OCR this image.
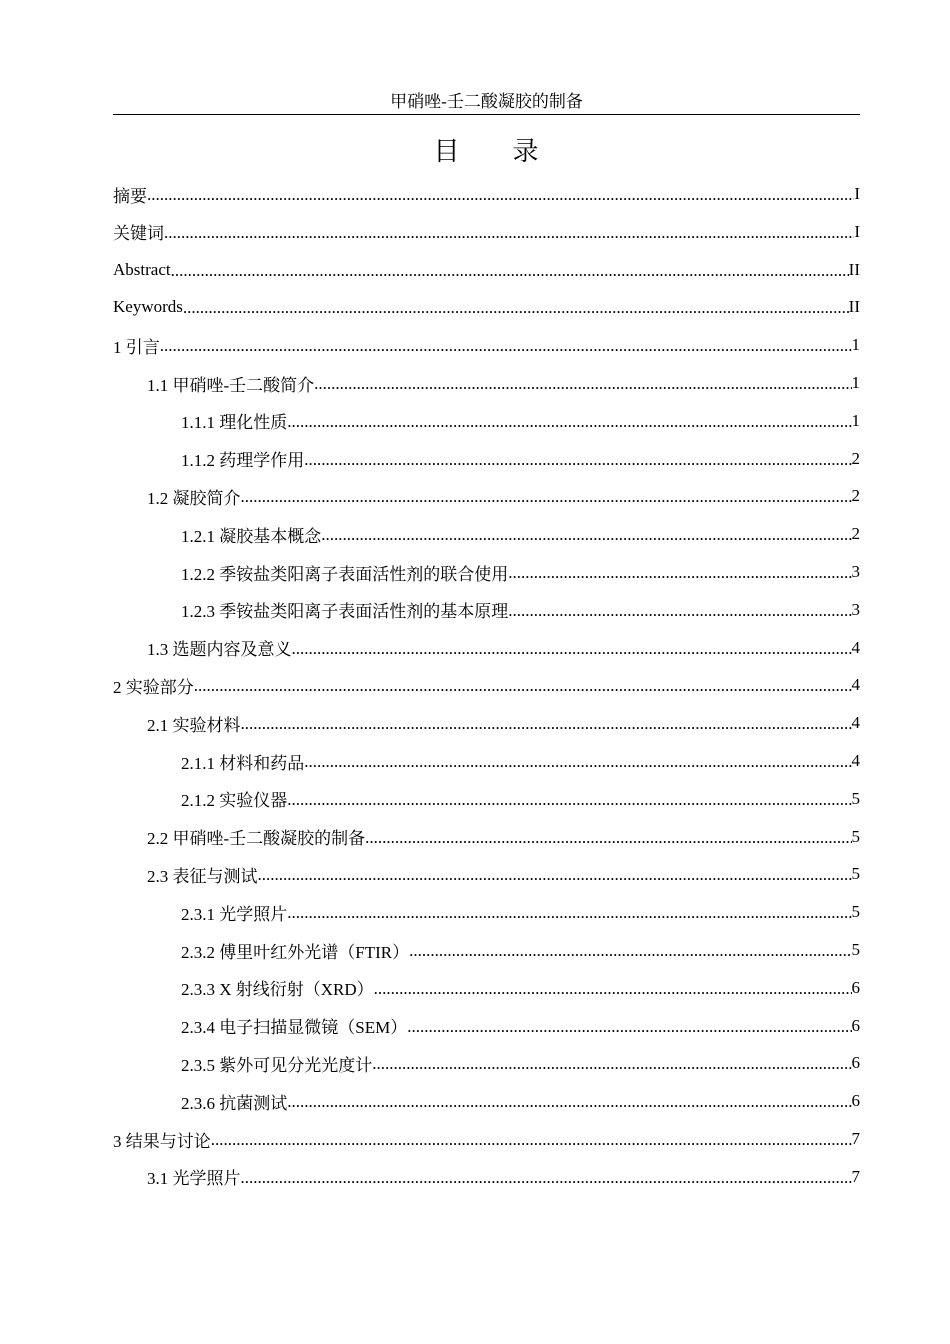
甲硝唑-壬二酸凝胶的制备
目 录
摘要 .....	I
关键词 .....	I
Abstract .....	II
Keywords .....	II
1 引言 .....	1
1.1 甲硝唑-壬二酸简介 .....	1
1.1.1 理化性质 .....	1
1.1.2 药理学作用 .....	2
1.2 凝胶简介 .....	2
1.2.1 凝胶基本概念 .....	2
1.2.2 季铵盐类阳离子表面活性剂的联合使用 .....	3
1.2.3 季铵盐类阳离子表面活性剂的基本原理 .....	3
1.3 选题内容及意义 .....	4
2 实验部分 .....	4
2.1 实验材料 .....	4
2.1.1 材料和药品 .....	4
2.1.2 实验仪器 .....	5
2.2 甲硝唑-壬二酸凝胶的制备 .....	5
2.3 表征与测试 .....	5
2.3.1 光学照片 .....	5
2.3.2 傅里叶红外光谱（FTIR） .....	5
2.3.3 X 射线衍射（XRD） .....	6
2.3.4 电子扫描显微镜（SEM） .....	6
2.3.5 紫外可见分光光度计 .....	6
2.3.6 抗菌测试 .....	6
3 结果与讨论 .....	7
3.1 光学照片 .....	7
